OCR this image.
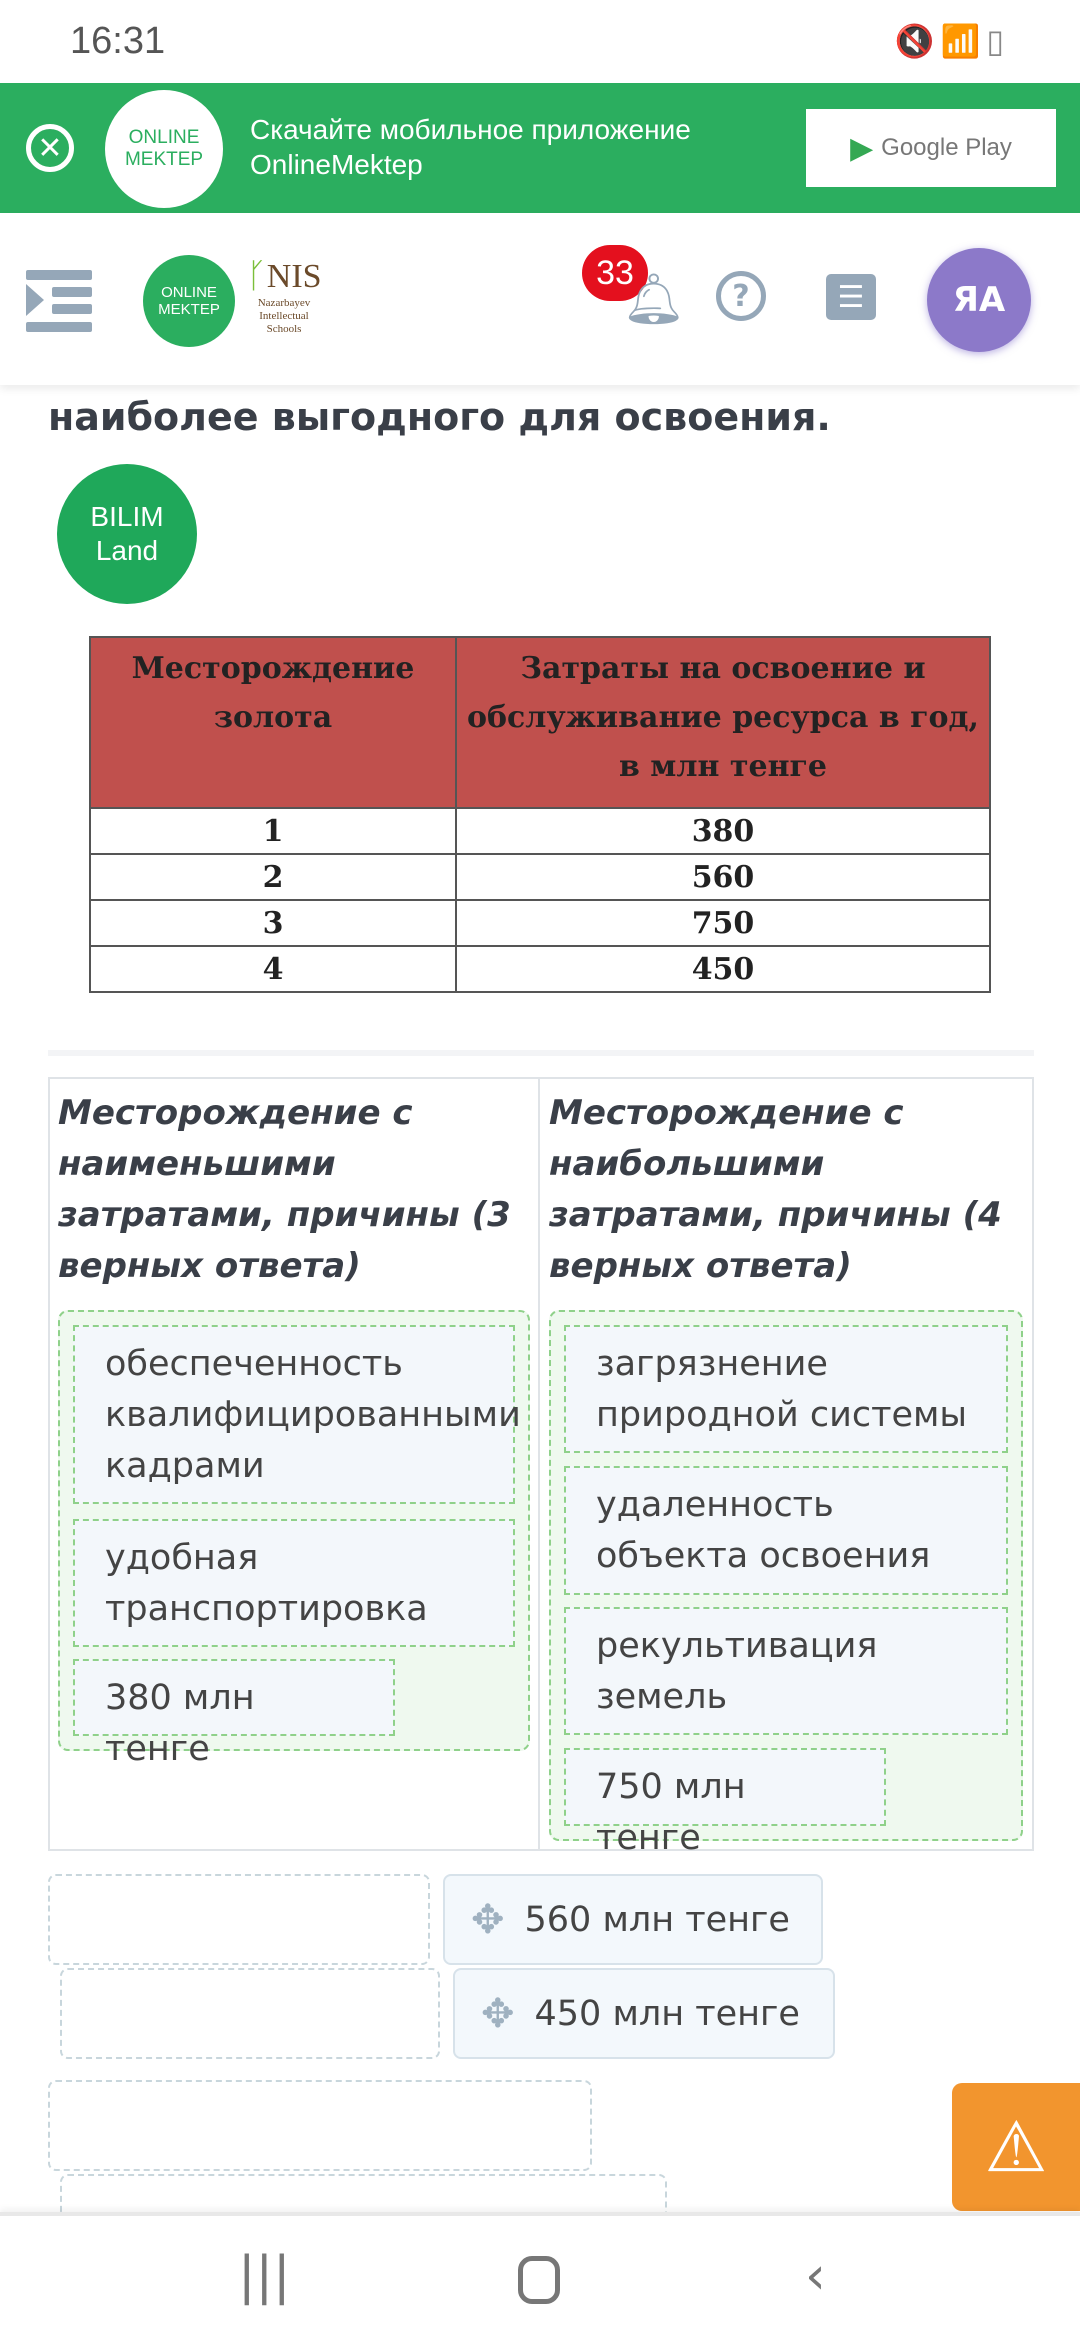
16:31	🔇📶▯
✕	ONLINE
MEKTEP
Скачайте мобильное приложение
OnlineMektep	▶ Google Play
ONLINE
MEKTEP
ᚴNIS
Nazarbayev
Intellectual
Schools
33
🔔︎	?	☰	ЯА
наиболее выгодного для освоения.
BILIM
Land
Месторождение золота	Затраты на освоение и обслуживание ресурса в год, в млн тенге
1	380
2	560
3	750
4	450
Месторождение с наименьшими затратами, причины (3 верных ответа)
Месторождение с наибольшими затратами, причины (4 верных ответа)
обеспеченность квалифицированными кадрами
удобная транспортировка
380 млн тенге
загрязнение природной системы
удаленность объекта освоения
рекультивация земель
750 млн тенге
✥ 560 млн тенге
✥ 450 млн тенге
⚠
|||	‹
